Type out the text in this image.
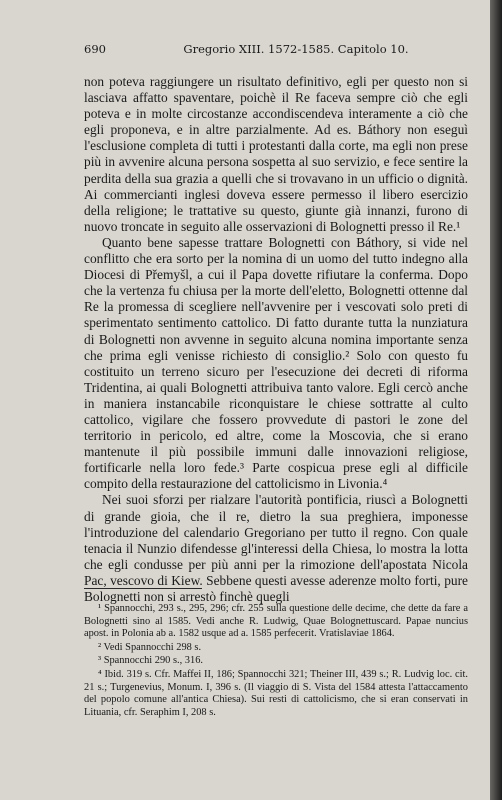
690	Gregorio XIII. 1572-1585. Capitolo 10.

non poteva raggiungere un risultato definitivo, egli per questo non si lasciava affatto spaventare, poichè il Re faceva sempre ciò che egli poteva e in molte circostanze accondiscendeva interamente a ciò che egli proponeva, e in altre parzialmente. Ad es. Báthory non eseguì l'esclusione completa di tutti i protestanti dalla corte, ma egli non prese più in avvenire alcuna persona sospetta al suo servizio, e fece sentire la perdita della sua grazia a quelli che si trovavano in un ufficio o dignità. Ai commercianti inglesi doveva essere permesso il libero esercizio della religione; le trattative su questo, giunte già innanzi, furono di nuovo troncate in seguito alle osservazioni di Bolognetti presso il Re.¹

Quanto bene sapesse trattare Bolognetti con Báthory, si vide nel conflitto che era sorto per la nomina di un uomo del tutto indegno alla Diocesi di Přemyšl, a cui il Papa dovette rifiutare la conferma. Dopo che la vertenza fu chiusa per la morte dell'eletto, Bolognetti ottenne dal Re la promessa di scegliere nell'avvenire per i vescovati solo preti di sperimentato sentimento cattolico. Di fatto durante tutta la nunziatura di Bolognetti non avvenne in seguito alcuna nomina importante senza che prima egli venisse richiesto di consiglio.² Solo con questo fu costituito un terreno sicuro per l'esecuzione dei decreti di riforma Tridentina, ai quali Bolognetti attribuiva tanto valore. Egli cercò anche in maniera instancabile riconquistare le chiese sottratte al culto cattolico, vigilare che fossero provvedute di pastori le zone del territorio in pericolo, ed altre, come la Moscovia, che si erano mantenute il più possibile immuni dalle innovazioni religiose, fortificarle nella loro fede.³ Parte cospicua prese egli al difficile compito della restaurazione del cattolicismo in Livonia.⁴

Nei suoi sforzi per rialzare l'autorità pontificia, riuscì a Bolognetti di grande gioia, che il re, dietro la sua preghiera, imponesse l'introduzione del calendario Gregoriano per tutto il regno. Con quale tenacia il Nunzio difendesse gl'interessi della Chiesa, lo mostra la lotta che egli condusse per più anni per la rimozione dell'apostata Nicola Pac, vescovo di Kiew. Sebbene questi avesse aderenze molto forti, pure Bolognetti non si arrestò finchè quegli

¹ Spannocchi, 293 s., 295, 296; cfr. 255 sulla questione delle decime, che dette da fare a Bolognetti sino al 1585. Vedi anche R. Ludwig, Quae Bolognettuscard. Papae nuncius apost. in Polonia ab a. 1582 usque ad a. 1585 perfecerit. Vratislaviae 1864.

² Vedi Spannocchi 298 s.

³ Spannocchi 290 s., 316.

⁴ Ibid. 319 s. Cfr. Maffei II, 186; Spannocchi 321; Theiner III, 439 s.; R. Ludvig loc. cit. 21 s.; Turgenevius, Monum. I, 396 s. (Il viaggio di S. Vista del 1584 attesta l'attaccamento del popolo comune all'antica Chiesa). Sui resti di cattolicismo, che si eran conservati in Lituania, cfr. Seraphim I, 208 s.
